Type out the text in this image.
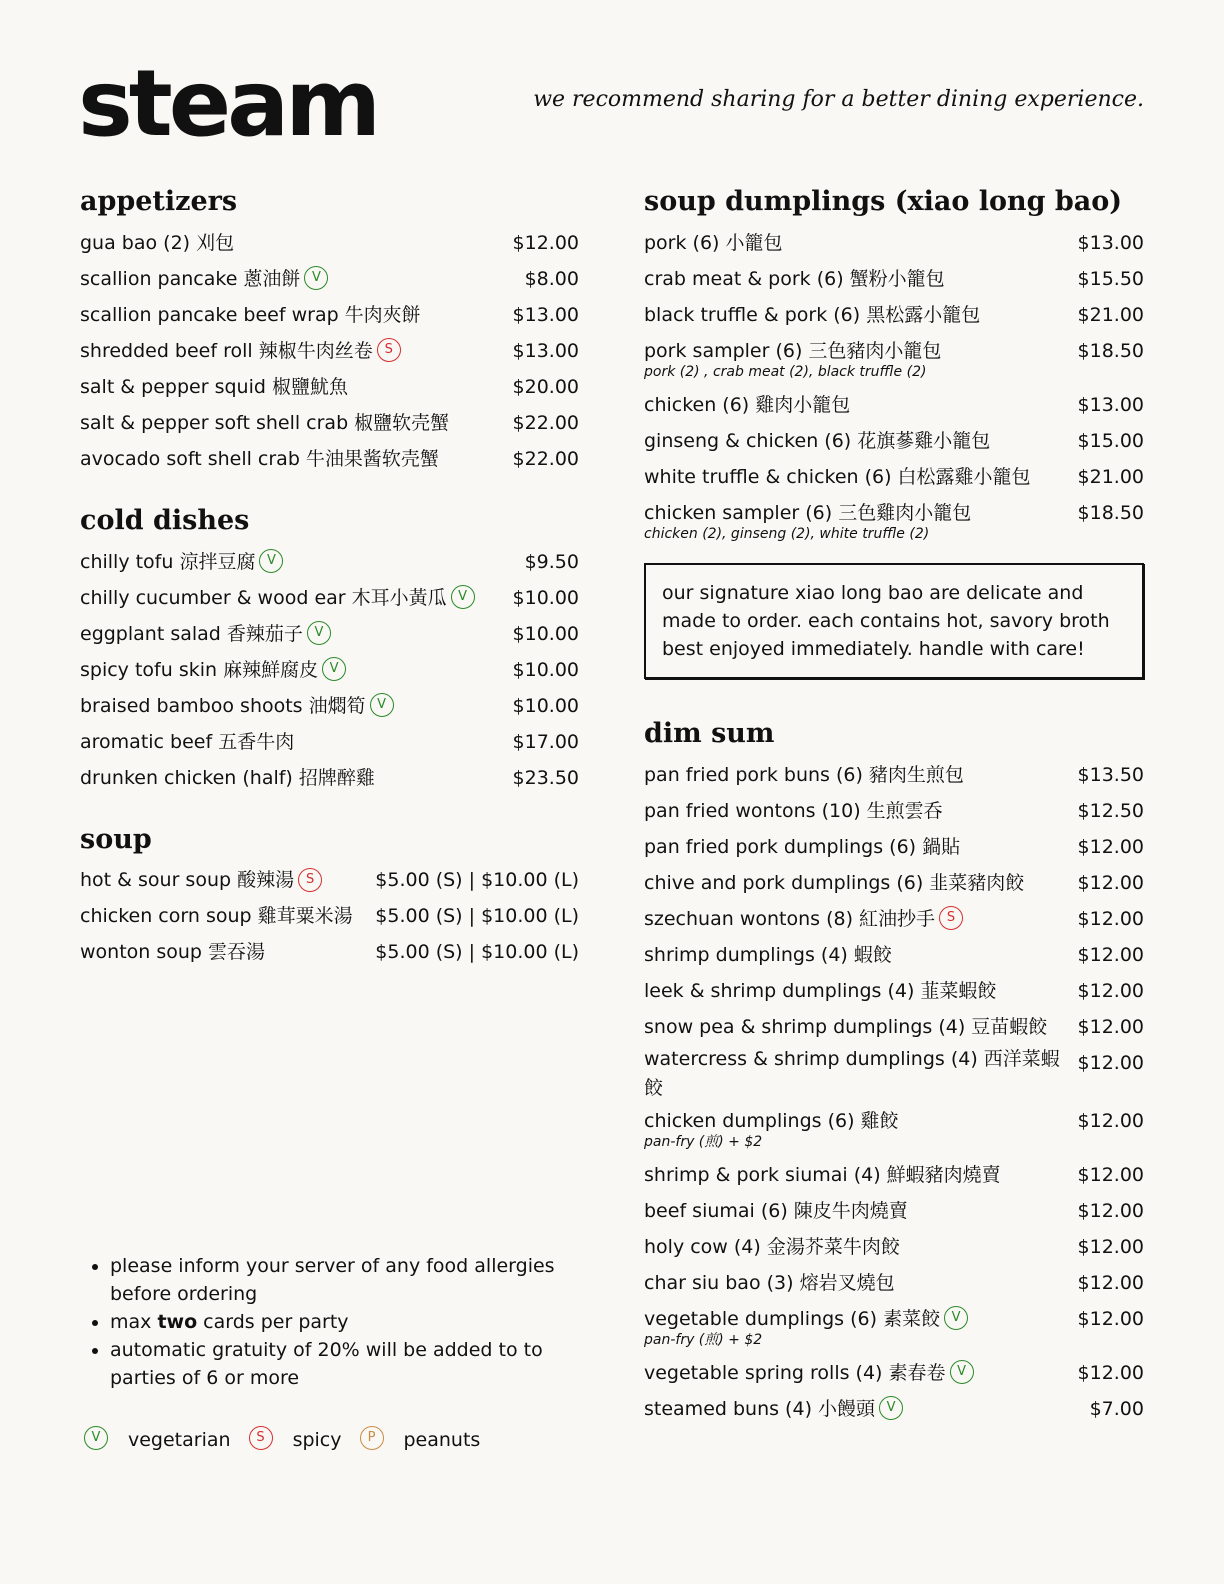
steam	we recommend sharing for a better dining experience.
appetizers
gua bao (2) 刈包	$12.00
scallion pancake 蔥油餅 V	$8.00
scallion pancake beef wrap 牛肉夾餅	$13.00
shredded beef roll 辣椒牛肉丝卷 S	$13.00
salt & pepper squid 椒鹽魷魚	$20.00
salt & pepper soft shell crab 椒鹽软壳蟹	$22.00
avocado soft shell crab 牛油果酱软壳蟹	$22.00
cold dishes
chilly tofu 涼拌豆腐 V	$9.50
chilly cucumber & wood ear 木耳小黃瓜 V	$10.00
eggplant salad 香辣茄子 V	$10.00
spicy tofu skin 麻辣鮮腐皮 V	$10.00
braised bamboo shoots 油燜筍 V	$10.00
aromatic beef 五香牛肉	$17.00
drunken chicken (half) 招牌醉雞	$23.50
soup
hot & sour soup 酸辣湯 S	$5.00 (S) | $10.00 (L)
chicken corn soup 雞茸粟米湯 $5.00 (S) | $10.00 (L)
wonton soup 雲吞湯	$5.00 (S) | $10.00 (L)
soup dumplings (xiao long bao)
pork (6) 小籠包	$13.00
crab meat & pork (6) 蟹粉小籠包	$15.50
black truffle & pork (6) 黑松露小籠包	$21.00
pork sampler (6) 三色豬肉小籠包
pork (2) , crab meat (2), black truffle (2)
$18.50
chicken (6) 雞肉小籠包	$13.00
ginseng & chicken (6) 花旗蔘雞小籠包	$15.00
white truffle & chicken (6) 白松露雞小籠包 $21.00
chicken sampler (6) 三色雞肉小籠包
chicken (2), ginseng (2), white truffle (2)
$18.50
our signature xiao long bao are delicate and made to order. each contains hot, savory broth best enjoyed immediately. handle with care!
dim sum
pan fried pork buns (6) 豬肉生煎包	$13.50
pan fried wontons (10) 生煎雲呑	$12.50
pan fried pork dumplings (6) 鍋貼	$12.00
chive and pork dumplings (6) 韭菜豬肉餃	$12.00
szechuan wontons (8) 紅油抄手 S	$12.00
shrimp dumplings (4) 蝦餃	$12.00
leek & shrimp dumplings (4) 韮菜蝦餃	$12.00
snow pea & shrimp dumplings (4) 豆苗蝦餃 $12.00
watercress & shrimp dumplings (4) 西洋菜蝦餃
$12.00
chicken dumplings (6) 雞餃
pan-fry (煎) + $2
$12.00
shrimp & pork siumai (4) 鮮蝦豬肉燒賣	$12.00
beef siumai (6) 陳皮牛肉燒賣	$12.00
holy cow (4) 金湯芥菜牛肉餃	$12.00
char siu bao (3) 熔岩叉燒包	$12.00
vegetable dumplings (6) 素菜餃 V
pan-fry (煎) + $2
$12.00
vegetable spring rolls (4) 素春卷 V	$12.00
steamed buns (4) 小饅頭 V	$7.00
• please inform your server of any food allergies before ordering
• max two cards per party
• automatic gratuity of 20% will be added to to parties of 6 or more
V	vegetarian	S	spicy	P	peanuts
